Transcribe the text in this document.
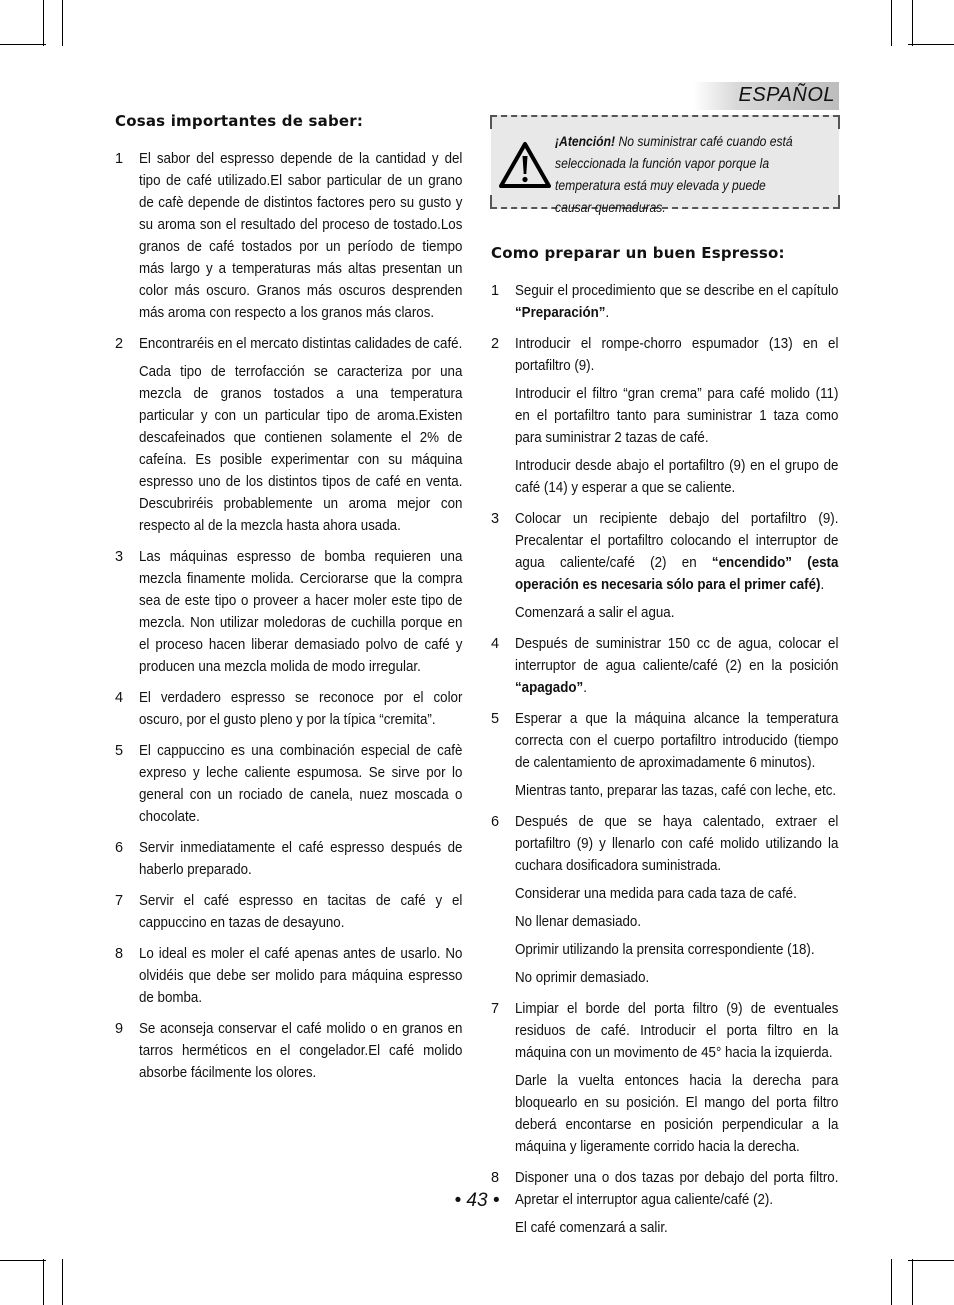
ESPAÑOL
Cosas importantes de saber:
1	El sabor del espresso depende de la cantidad y del tipo de café utilizado.El sabor particular de un grano de cafè depende de distintos factores pero su gusto y su aroma son el resultado del proceso de tostado.Los granos de café tostados por un período de tiempo más largo y a temperaturas más altas presentan un color más oscuro. Granos más oscuros desprenden más aroma con respecto a los granos más claros.

2	Encontraréis en el mercato distintas calidades de café.

Cada tipo de terrofacción se caracteriza por una mezcla de granos tostados a una temperatura particular y con un particular tipo de aroma.Existen descafeinados que contienen solamente el 2% de cafeína. Es posible experimentar con su máquina espresso uno de los distintos tipos de café en venta. Descubriréis probablemente un aroma mejor con respecto al de la mezcla hasta ahora usada.

3	Las máquinas espresso de bomba requieren una mezcla finamente molida. Cerciorarse que la compra sea de este tipo o proveer a hacer moler este tipo de mezcla. Non utilizar moledoras de cuchilla porque en el proceso hacen liberar demasiado polvo de café y producen una mezcla molida de modo irregular.

4	El verdadero espresso se reconoce por el color oscuro, por el gusto pleno y por la típica “cremita”.

5	El cappuccino es una combinación especial de cafè expreso y leche caliente espumosa. Se sirve por lo general con un rociado de canela, nuez moscada o chocolate.

6	Servir inmediatamente el café espresso después de haberlo preparado.

7	Servir el café espresso en tacitas de café y el cappuccino en tazas de desayuno.

8	Lo ideal es moler el café apenas antes de usarlo. No olvidéis que debe ser molido para máquina espresso de bomba.

9	Se aconseja conservar el café molido o en granos en tarros herméticos en el congelador.El café molido absorbe fácilmente los olores.

¡Atención! No suministrar café cuando está seleccionada la función vapor porque la temperatura está muy elevada y puede causar quemaduras.
Como preparar un buen Espresso:
1	Seguir el procedimiento que se describe en el capítulo “Preparación”.

2	Introducir el rompe-chorro espumador (13) en el portafiltro (9).

Introducir el filtro “gran crema” para café molido (11) en el portafiltro tanto para suministrar 1 taza como para suministrar 2 tazas de café.

Introducir desde abajo el portafiltro (9) en el grupo de café (14) y esperar a que se caliente.

3	Colocar un recipiente debajo del portafiltro (9). Precalentar el portafiltro colocando el interruptor de agua caliente/café (2) en “encendido” (esta operación es necesaria sólo para el primer café).

Comenzará a salir el agua.

4	Después de suministrar 150 cc de agua, colocar el interruptor de agua caliente/café (2) en la posición “apagado”.

5	Esperar a que la máquina alcance la temperatura correcta con el cuerpo portafiltro introducido (tiempo de calentamiento de aproximadamente 6 minutos).

Mientras tanto, preparar las tazas, café con leche, etc.

6	Después de que se haya calentado, extraer el portafiltro (9) y llenarlo con café molido utilizando la cuchara dosificadora suministrada.

Considerar una medida para cada taza de café.

No llenar demasiado.

Oprimir utilizando la prensita correspondiente (18).

No oprimir demasiado.

7	Limpiar el borde del porta filtro (9) de eventuales residuos de café. Introducir el porta filtro en la máquina con un movimento de 45° hacia la izquierda.

Darle la vuelta entonces hacia la derecha para bloquearlo en su posición. El mango del porta filtro deberá encontarse en posición perpendicular a la máquina y ligeramente corrido hacia la derecha.

8	Disponer una o dos tazas por debajo del porta filtro. Apretar el interruptor agua caliente/café (2).

El café comenzará a salir.

• 43 •
